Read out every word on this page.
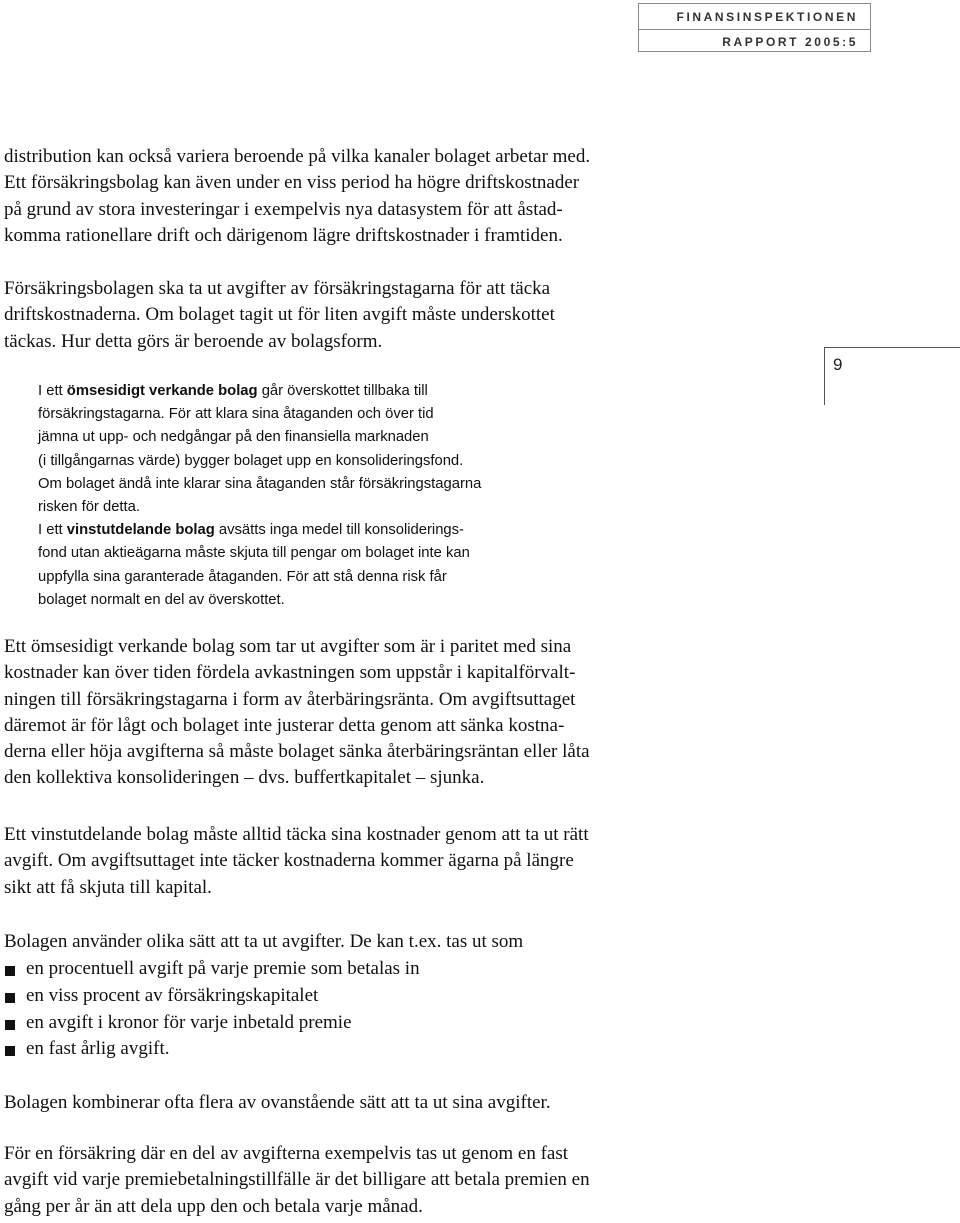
FINANSINSPEKTIONEN
RAPPORT 2005:5
9

distribution kan också variera beroende på vilka kanaler bolaget arbetar med.
Ett försäkringsbolag kan även under en viss period ha högre driftskostnader
på grund av stora investeringar i exempelvis nya datasystem för att åstad-
komma rationellare drift och därigenom lägre driftskostnader i framtiden.

Försäkringsbolagen ska ta ut avgifter av försäkringstagarna för att täcka
driftskostnaderna. Om bolaget tagit ut för liten avgift måste underskottet
täckas. Hur detta görs är beroende av bolagsform.

I ett ömsesidigt verkande bolag går överskottet tillbaka till
försäkringstagarna. För att klara sina åtaganden och över tid
jämna ut upp- och nedgångar på den finansiella marknaden
(i tillgångarnas värde) bygger bolaget upp en konsolideringsfond.
Om bolaget ändå inte klarar sina åtaganden står försäkringstagarna
risken för detta.
I ett vinstutdelande bolag avsätts inga medel till konsoliderings-
fond utan aktieägarna måste skjuta till pengar om bolaget inte kan
uppfylla sina garanterade åtaganden. För att stå denna risk får
bolaget normalt en del av överskottet.

Ett ömsesidigt verkande bolag som tar ut avgifter som är i paritet med sina
kostnader kan över tiden fördela avkastningen som uppstår i kapitalförvalt-
ningen till försäkringstagarna i form av återbäringsränta. Om avgiftsuttaget
däremot är för lågt och bolaget inte justerar detta genom att sänka kostna-
derna eller höja avgifterna så måste bolaget sänka återbäringsräntan eller låta
den kollektiva konsolideringen – dvs. buffertkapitalet – sjunka.

Ett vinstutdelande bolag måste alltid täcka sina kostnader genom att ta ut rätt
avgift. Om avgiftsuttaget inte täcker kostnaderna kommer ägarna på längre
sikt att få skjuta till kapital.

Bolagen använder olika sätt att ta ut avgifter. De kan t.ex. tas ut som

en procentuell avgift på varje premie som betalas in
en viss procent av försäkringskapitalet
en avgift i kronor för varje inbetald premie
en fast årlig avgift.

Bolagen kombinerar ofta flera av ovanstående sätt att ta ut sina avgifter.

För en försäkring där en del av avgifterna exempelvis tas ut genom en fast
avgift vid varje premiebetalningstillfälle är det billigare att betala premien en
gång per år än att dela upp den och betala varje månad.
